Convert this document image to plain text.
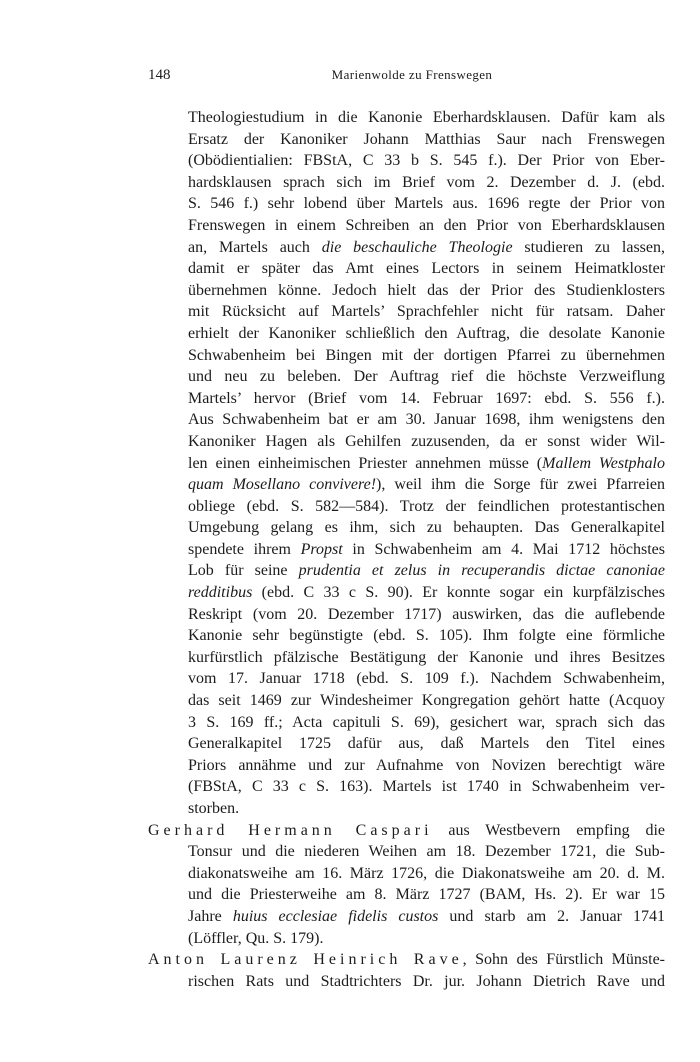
148	Marienwolde zu Frenswegen
Theologiestudium in die Kanonie Eberhardsklausen. Dafür kam als
Ersatz der Kanoniker Johann Matthias Saur nach Frenswegen
(Obödientialien: FBStA, C 33 b S. 545 f.). Der Prior von Eber-
hardsklausen sprach sich im Brief vom 2. Dezember d. J. (ebd.
S. 546 f.) sehr lobend über Martels aus. 1696 regte der Prior von
Frenswegen in einem Schreiben an den Prior von Eberhardsklausen
an, Martels auch die beschauliche Theologie studieren zu lassen,
damit er später das Amt eines Lectors in seinem Heimatkloster
übernehmen könne. Jedoch hielt das der Prior des Studienklosters
mit Rücksicht auf Martels’ Sprachfehler nicht für ratsam. Daher
erhielt der Kanoniker schließlich den Auftrag, die desolate Kanonie
Schwabenheim bei Bingen mit der dortigen Pfarrei zu übernehmen
und neu zu beleben. Der Auftrag rief die höchste Verzweiflung
Martels’ hervor (Brief vom 14. Februar 1697: ebd. S. 556 f.).
Aus Schwabenheim bat er am 30. Januar 1698, ihm wenigstens den
Kanoniker Hagen als Gehilfen zuzusenden, da er sonst wider Wil-
len einen einheimischen Priester annehmen müsse (Mallem Westphalo
quam Mosellano convivere!), weil ihm die Sorge für zwei Pfarreien
obliege (ebd. S. 582—584). Trotz der feindlichen protestantischen
Umgebung gelang es ihm, sich zu behaupten. Das Generalkapitel
spendete ihrem Propst in Schwabenheim am 4. Mai 1712 höchstes
Lob für seine prudentia et zelus in recuperandis dictae canoniae
redditibus (ebd. C 33 c S. 90). Er konnte sogar ein kurpfälzisches
Reskript (vom 20. Dezember 1717) auswirken, das die auflebende
Kanonie sehr begünstigte (ebd. S. 105). Ihm folgte eine förmliche
kurfürstlich pfälzische Bestätigung der Kanonie und ihres Besitzes
vom 17. Januar 1718 (ebd. S. 109 f.). Nachdem Schwabenheim,
das seit 1469 zur Windesheimer Kongregation gehört hatte (Acquoy
3 S. 169 ff.; Acta capituli S. 69), gesichert war, sprach sich das
Generalkapitel 1725 dafür aus, daß Martels den Titel eines
Priors annähme und zur Aufnahme von Novizen berechtigt wäre
(FBStA, C 33 c S. 163). Martels ist 1740 in Schwabenheim ver-
storben.
Gerhard Hermann Caspari aus Westbevern empfing die
Tonsur und die niederen Weihen am 18. Dezember 1721, die Sub-
diakonatsweihe am 16. März 1726, die Diakonatsweihe am 20. d. M.
und die Priesterweihe am 8. März 1727 (BAM, Hs. 2). Er war 15
Jahre huius ecclesiae fidelis custos und starb am 2. Januar 1741
(Löffler, Qu. S. 179).
Anton Laurenz Heinrich Rave, Sohn des Fürstlich Münste-
rischen Rats und Stadtrichters Dr. jur. Johann Dietrich Rave und
